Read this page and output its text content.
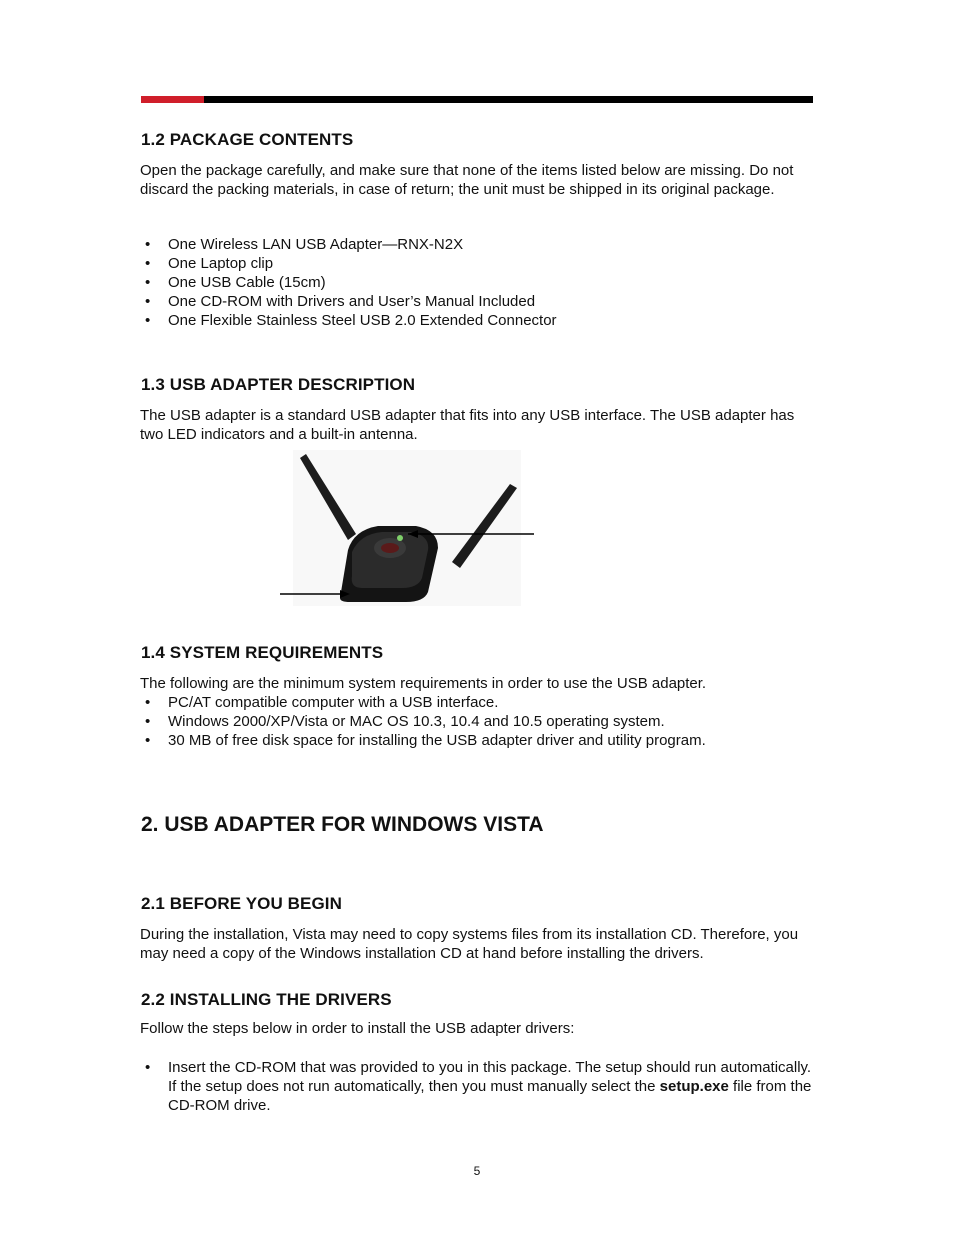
1.2 PACKAGE CONTENTS

Open the package carefully, and make sure that none of the items listed below are missing. Do not discard the packing materials, in case of return; the unit must be shipped in its original package.

• One Wireless LAN USB Adapter—RNX-N2X
• One Laptop clip
• One USB Cable (15cm)
• One CD-ROM with Drivers and User’s Manual Included
• One Flexible Stainless Steel USB 2.0 Extended Connector
1.3 USB ADAPTER DESCRIPTION

The USB adapter is a standard USB adapter that fits into any USB interface. The USB adapter has two LED indicators and a built-in antenna.

1.4 SYSTEM REQUIREMENTS

The following are the minimum system requirements in order to use the USB adapter.

• PC/AT compatible computer with a USB interface.
• Windows 2000/XP/Vista or MAC OS 10.3, 10.4 and 10.5 operating system.
• 30 MB of free disk space for installing the USB adapter driver and utility program.
2. USB ADAPTER FOR WINDOWS VISTA
2.1 BEFORE YOU BEGIN

During the installation, Vista may need to copy systems files from its installation CD. Therefore, you may need a copy of the Windows installation CD at hand before installing the drivers.

2.2 INSTALLING THE DRIVERS

Follow the steps below in order to install the USB adapter drivers:

• Insert the CD-ROM that was provided to you in this package. The setup should run automatically. If the setup does not run automatically, then you must manually select the setup.exe file from the CD-ROM drive.
5
